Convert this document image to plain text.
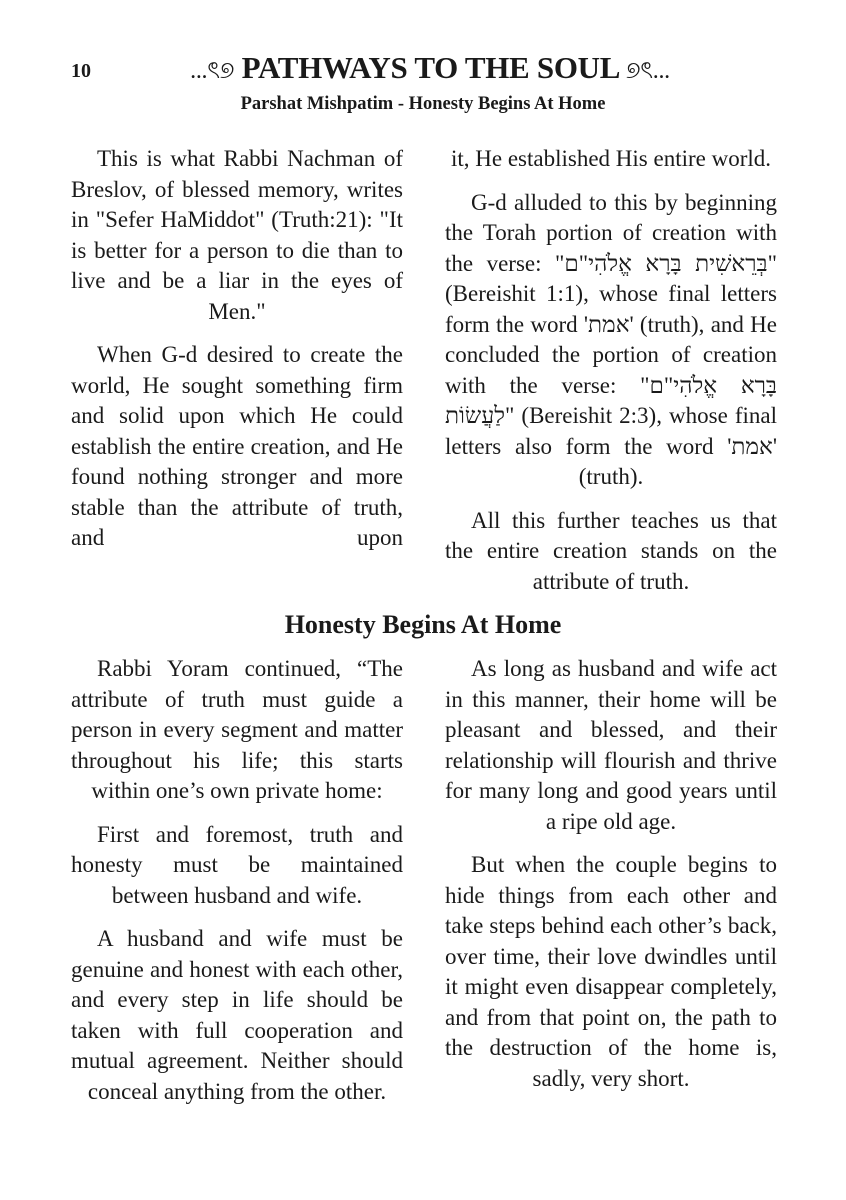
10	...ৎ୭ PATHWAYS TO THE SOUL ୭ৎ...
Parshat Mishpatim - Honesty Begins At Home

This is what Rabbi Nachman of Breslov, of blessed memory, writes in "Sefer HaMiddot" (Truth:21): "It is better for a person to die than to live and be a liar in the eyes of Men."

When G-d desired to create the world, He sought something firm and solid upon which He could establish the entire creation, and He found nothing stronger and more stable than the attribute of truth, and upon

it, He established His entire world.

G-d alluded to this by beginning the Torah portion of creation with the verse: "בְּרֵאשִׁית בָּרָא אֱלֹהִי"ם" (Bereishit 1:1), whose final letters form the word 'אמת' (truth), and He concluded the portion of creation with the verse: "בָּרָא אֱלֹהִי"ם לַעֲשׂוֹת" (Bereishit 2:3), whose final letters also form the word 'אמת' (truth).

All this further teaches us that the entire creation stands on the attribute of truth.

Honesty Begins At Home

Rabbi Yoram continued, “The attribute of truth must guide a person in every segment and matter throughout his life; this starts within one’s own private home:

First and foremost, truth and honesty must be maintained between husband and wife.

A husband and wife must be genuine and honest with each other, and every step in life should be taken with full cooperation and mutual agreement. Neither should conceal anything from the other.

As long as husband and wife act in this manner, their home will be pleasant and blessed, and their relationship will flourish and thrive for many long and good years until a ripe old age.

But when the couple begins to hide things from each other and take steps behind each other’s back, over time, their love dwindles until it might even disappear completely, and from that point on, the path to the destruction of the home is, sadly, very short.
